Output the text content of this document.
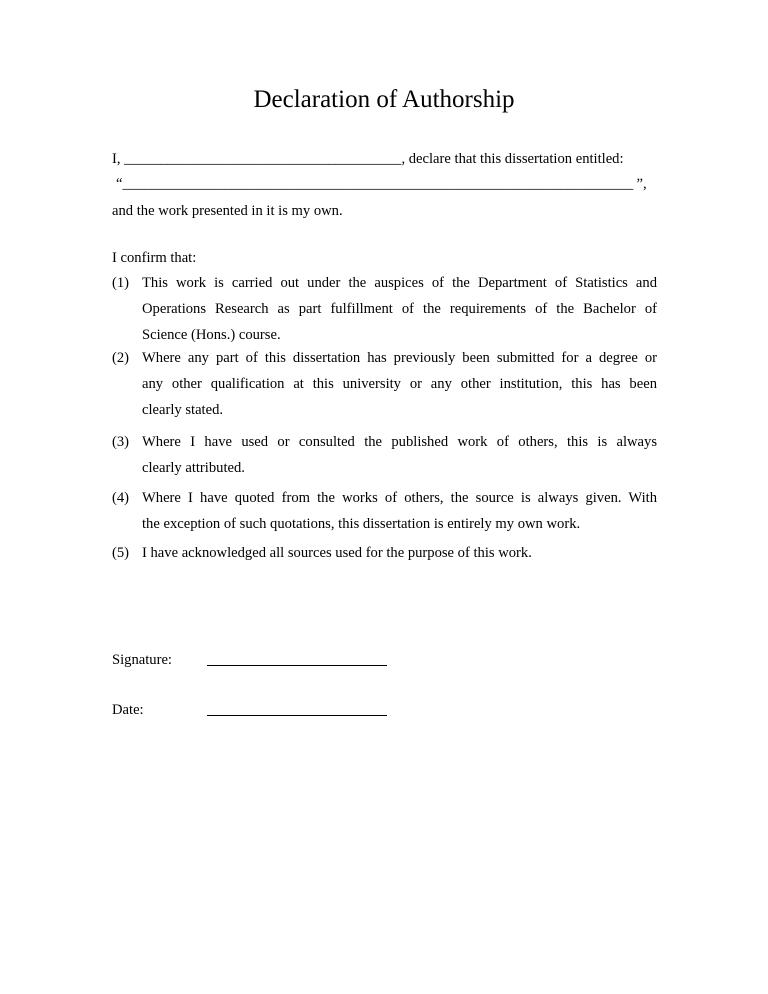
Declaration of Authorship
I, ______________________________________, declare that this dissertation entitled:
“______________________________________________________________________ ”,
and the work presented in it is my own.
I confirm that:
(1) This work is carried out under the auspices of the Department of Statistics and
Operations Research as part fulfillment of the requirements of the Bachelor of
Science (Hons.) course.
(2) Where any part of this dissertation has previously been submitted for a degree or
any other qualification at this university or any other institution, this has been
clearly stated.
(3) Where I have used or consulted the published work of others, this is always
clearly attributed.
(4) Where I have quoted from the works of others, the source is always given. With
the exception of such quotations, this dissertation is entirely my own work.
(5) I have acknowledged all sources used for the purpose of this work.
Signature:
Date:
